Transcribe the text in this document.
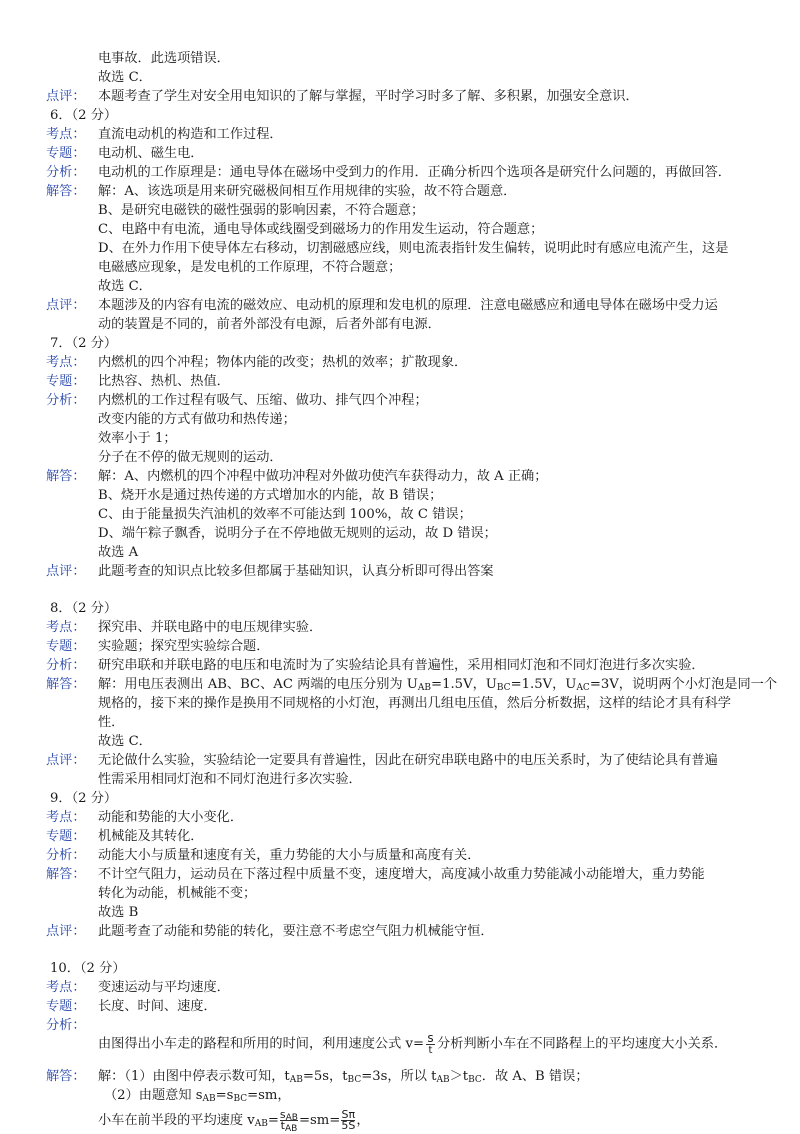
电事故．此选项错误．
故选 C．
点评： 本题考查了学生对安全用电知识的了解与掌握，平时学习时多了解、多积累，加强安全意识．
6．（2 分）
考点： 直流电动机的构造和工作过程．
专题： 电动机、磁生电．
分析： 电动机的工作原理是：通电导体在磁场中受到力的作用．正确分析四个选项各是研究什么问题的，再做回答．
解答： 解：A、该选项是用来研究磁极间相互作用规律的实验，故不符合题意．
B、是研究电磁铁的磁性强弱的影响因素，不符合题意；
C、电路中有电流，通电导体或线圈受到磁场力的作用发生运动，符合题意；
D、在外力作用下使导体左右移动，切割磁感应线，则电流表指针发生偏转，说明此时有感应电流产生，这是
电磁感应现象，是发电机的工作原理，不符合题意；
故选 C．
点评： 本题涉及的内容有电流的磁效应、电动机的原理和发电机的原理．注意电磁感应和通电导体在磁场中受力运
动的装置是不同的，前者外部没有电源，后者外部有电源．
7．（2 分）
考点： 内燃机的四个冲程；物体内能的改变；热机的效率；扩散现象．
专题： 比热容、热机、热值．
分析： 内燃机的工作过程有吸气、压缩、做功、排气四个冲程；
改变内能的方式有做功和热传递；
效率小于 1；
分子在不停的做无规则的运动．
解答： 解：A、内燃机的四个冲程中做功冲程对外做功使汽车获得动力，故 A 正确；
B、烧开水是通过热传递的方式增加水的内能，故 B 错误；
C、由于能量损失汽油机的效率不可能达到 100%，故 C 错误；
D、端午粽子飘香，说明分子在不停地做无规则的运动，故 D 错误；
故选 A
点评： 此题考查的知识点比较多但都属于基础知识，认真分析即可得出答案
8．（2 分）
考点： 探究串、并联电路中的电压规律实验．
专题： 实验题；探究型实验综合题．
分析： 研究串联和并联电路的电压和电流时为了实验结论具有普遍性，采用相同灯泡和不同灯泡进行多次实验．
解答： 解：用电压表测出 AB、BC、AC 两端的电压分别为 $U_{AB}=1.5V$，$U_{BC}=1.5V$，$U_{AC}=3V$，说明两个小灯泡是同一个
规格的，接下来的操作是换用不同规格的小灯泡，再测出几组电压值，然后分析数据，这样的结论才具有科学
性．
故选 C．
点评： 无论做什么实验，实验结论一定要具有普遍性，因此在研究串联电路中的电压关系时，为了使结论具有普遍
性需采用相同灯泡和不同灯泡进行多次实验．
9．（2 分）
考点： 动能和势能的大小变化．
专题： 机械能及其转化．
分析： 动能大小与质量和速度有关，重力势能的大小与质量和高度有关．
解答： 不计空气阻力，运动员在下落过程中质量不变，速度增大，高度减小故重力势能减小动能增大，重力势能
转化为动能，机械能不变；
故选 B
点评： 此题考查了动能和势能的转化，要注意不考虑空气阻力机械能守恒．
10．（2 分）
考点： 变速运动与平均速度．
专题： 长度、时间、速度．
分析：
由图得出小车走的路程和所用的时间，利用速度公式 v= s
t 分析判断小车在不同路程上的平均速度大小关系．
解答： 解：（1）由图中停表示数可知，$t_{AB}=5s$，$t_{BC}=3s$，所以 $t_{AB}>t_{BC}$．故 A、B 错误；
（2）由题意知 $s_{AB}=s_{BC}=sm$，
小车在前半段的平均速度 $v_{AB}= s_{AB}$
$t_{AB}$
$=sm= \frac{S\pi}{5S}$ ，
